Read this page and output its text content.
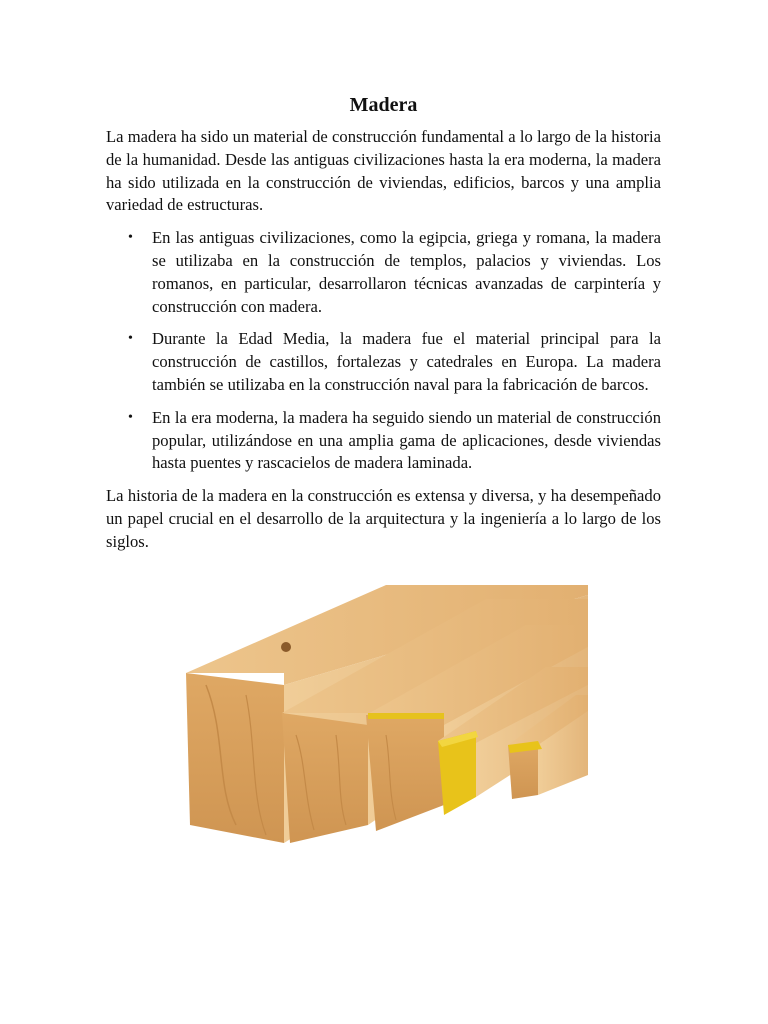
Madera

La madera ha sido un material de construcción fundamental a lo largo de la historia de la humanidad. Desde las antiguas civilizaciones hasta la era moderna, la madera ha sido utilizada en la construcción de viviendas, edificios, barcos y una amplia variedad de estructuras.

• En las antiguas civilizaciones, como la egipcia, griega y romana, la madera se utilizaba en la construcción de templos, palacios y viviendas. Los romanos, en particular, desarrollaron técnicas avanzadas de carpintería y construcción con madera.
• Durante la Edad Media, la madera fue el material principal para la construcción de castillos, fortalezas y catedrales en Europa. La madera también se utilizaba en la construcción naval para la fabricación de barcos.
• En la era moderna, la madera ha seguido siendo un material de construcción popular, utilizándose en una amplia gama de aplicaciones, desde viviendas hasta puentes y rascacielos de madera laminada.

La historia de la madera en la construcción es extensa y diversa, y ha desempeñado un papel crucial en el desarrollo de la arquitectura y la ingeniería a lo largo de los siglos.
